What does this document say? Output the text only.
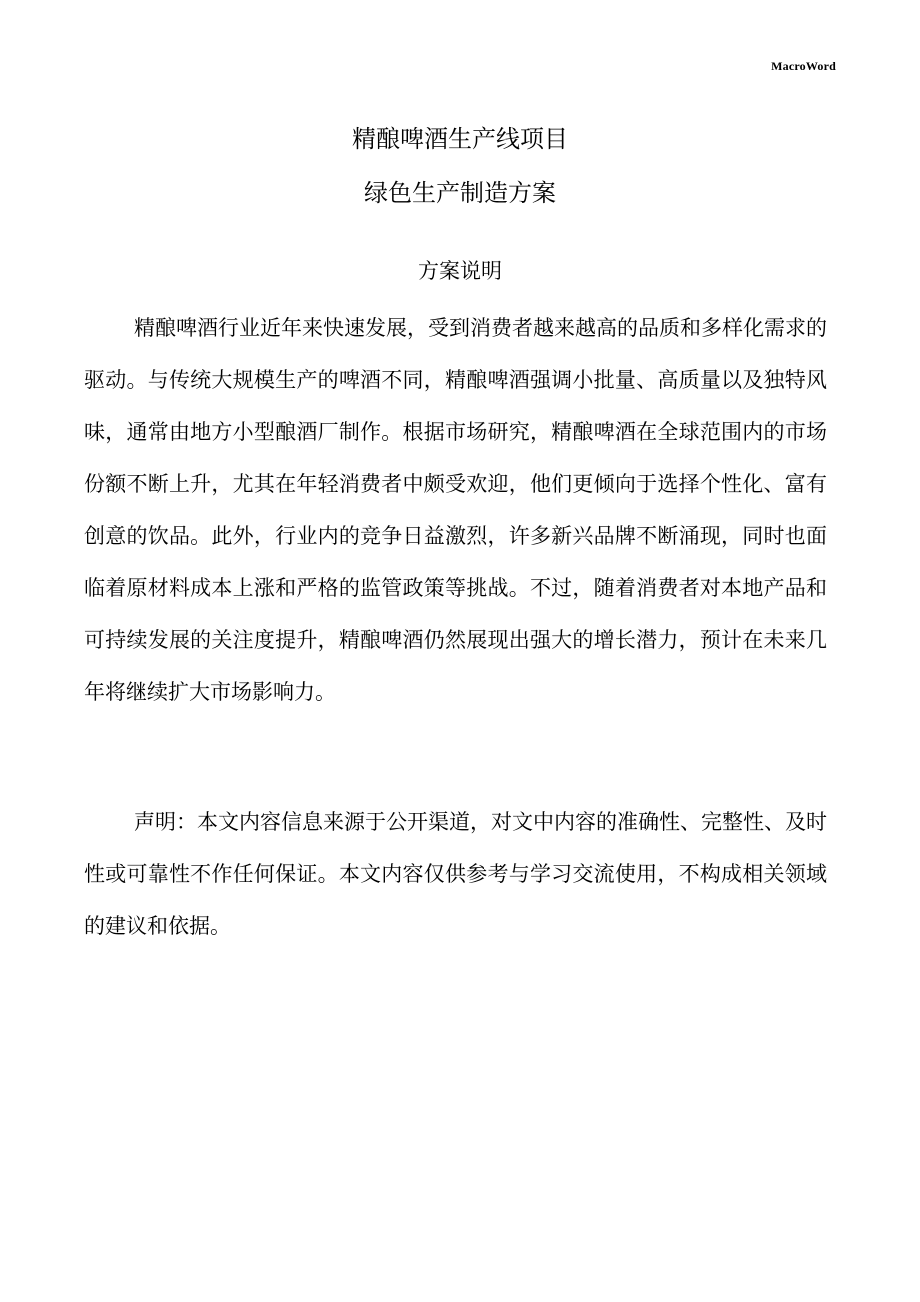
MacroWord
精酿啤酒生产线项目
绿色生产制造方案
方案说明

精酿啤酒行业近年来快速发展，受到消费者越来越高的品质和多样化需求的驱动。与传统大规模生产的啤酒不同，精酿啤酒强调小批量、高质量以及独特风味，通常由地方小型酿酒厂制作。根据市场研究，精酿啤酒在全球范围内的市场份额不断上升，尤其在年轻消费者中颇受欢迎，他们更倾向于选择个性化、富有创意的饮品。此外，行业内的竞争日益激烈，许多新兴品牌不断涌现，同时也面临着原材料成本上涨和严格的监管政策等挑战。不过，随着消费者对本地产品和可持续发展的关注度提升，精酿啤酒仍然展现出强大的增长潜力，预计在未来几年将继续扩大市场影响力。

声明：本文内容信息来源于公开渠道，对文中内容的准确性、完整性、及时性或可靠性不作任何保证。本文内容仅供参考与学习交流使用，不构成相关领域的建议和依据。
